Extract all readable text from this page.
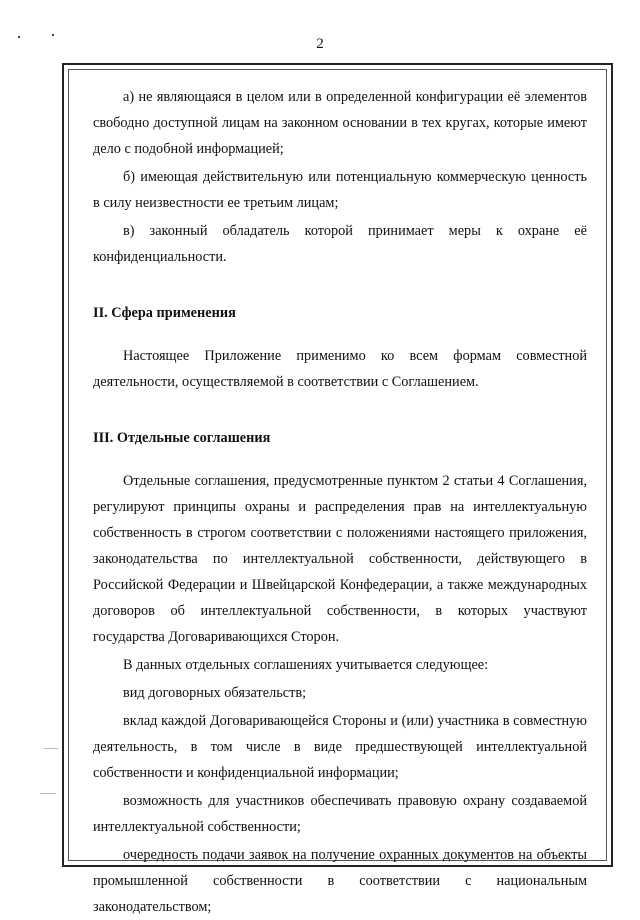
2

а) не являющаяся в целом или в определенной конфигурации её элементов свободно доступной лицам на законном основании в тех кругах, которые имеют дело с подобной информацией;

б) имеющая действительную или потенциальную коммерческую ценность в силу неизвестности ее третьим лицам;

в) законный обладатель которой принимает меры к охране её конфиденциальности.

II. Сфера применения

Настоящее Приложение применимо ко всем формам совместной деятельности, осуществляемой в соответствии с Соглашением.

III. Отдельные соглашения

Отдельные соглашения, предусмотренные пунктом 2 статьи 4 Соглашения, регулируют принципы охраны и распределения прав на интеллектуальную собственность в строгом соответствии с положениями настоящего приложения, законодательства по интеллектуальной собственности, действующего в Российской Федерации и Швейцарской Конфедерации, а также международных договоров об интеллектуальной собственности, в которых участвуют государства Договаривающихся Сторон.

В данных отдельных соглашениях учитывается следующее:

вид договорных обязательств;

вклад каждой Договаривающейся Стороны и (или) участника в совместную деятельность, в том числе в виде предшествующей интеллектуальной собственности и конфиденциальной информации;

возможность для участников обеспечивать правовую охрану создаваемой интеллектуальной собственности;

очередность подачи заявок на получение охранных документов на объекты промышленной собственности в соответствии с национальным законодательством;
